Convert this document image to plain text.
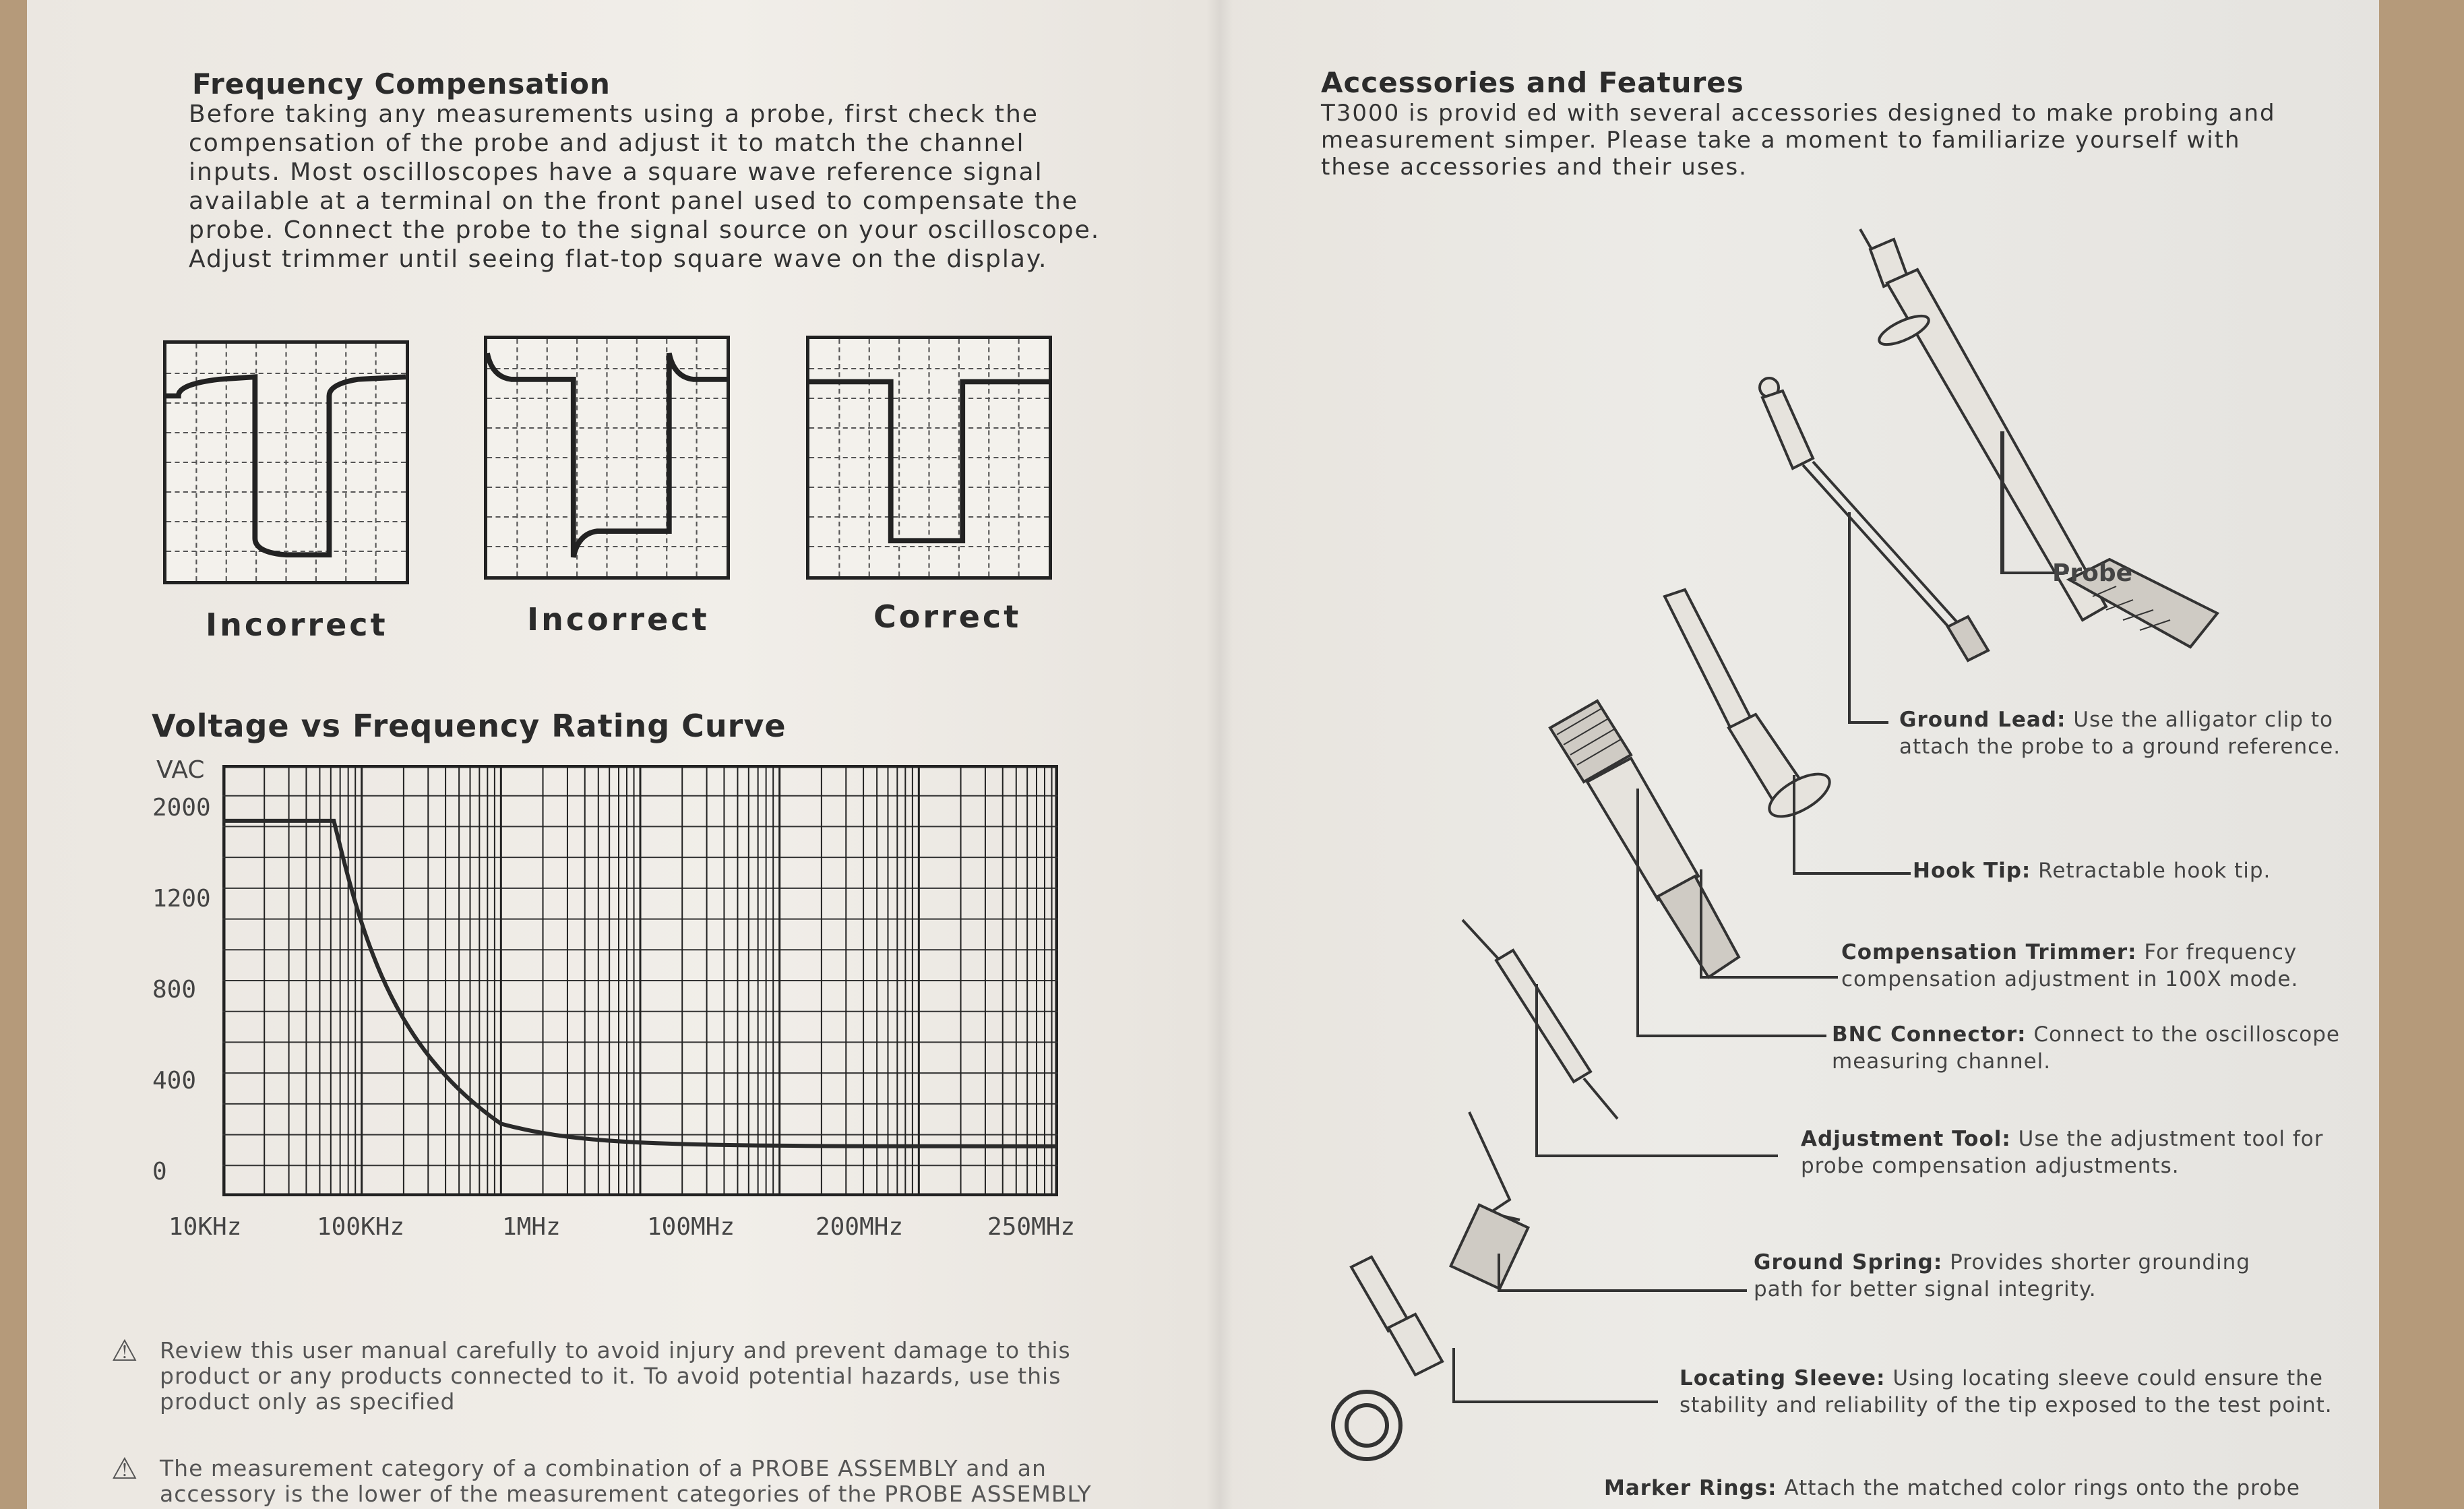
Frequency Compensation
Before taking any measurements using a probe, first check the
compensation of the probe and adjust it to match the channel
inputs. Most oscilloscopes have a square wave reference signal
available at a terminal on the front panel used to compensate the
probe. Connect the probe to the signal source on your oscilloscope.
Adjust trimmer until seeing flat-top square wave on the display.
Incorrect	Incorrect	Correct
Voltage vs Frequency Rating Curve
VAC
2000
1200
800
400
0
10KHz	100KHz	1MHz	100MHz	200MHz	250MHz
⚠ Review this user manual carefully to avoid injury and prevent damage to this
product or any products connected to it. To avoid potential hazards, use this
product only as specified
⚠ The measurement category of a combination of a PROBE ASSEMBLY and an
accessory is the lower of the measurement categories of the PROBE ASSEMBLY
Accessories and Features
T3000 is provid ed with several accessories designed to make probing and
measurement simper. Please take a moment to familiarize yourself with
these accessories and their uses.
Probe
Ground Lead: Use the alligator clip to
attach the probe to a ground reference.
Hook Tip: Retractable hook tip.
Compensation Trimmer: For frequency
compensation adjustment in 100X mode.
BNC Connector: Connect to the oscilloscope
measuring channel.
Adjustment Tool: Use the adjustment tool for
probe compensation adjustments.
Ground Spring: Provides shorter grounding
path for better signal integrity.
Locating Sleeve: Using locating sleeve could ensure the
stability and reliability of the tip exposed to the test point.
Marker Rings: Attach the matched color rings onto the probe
